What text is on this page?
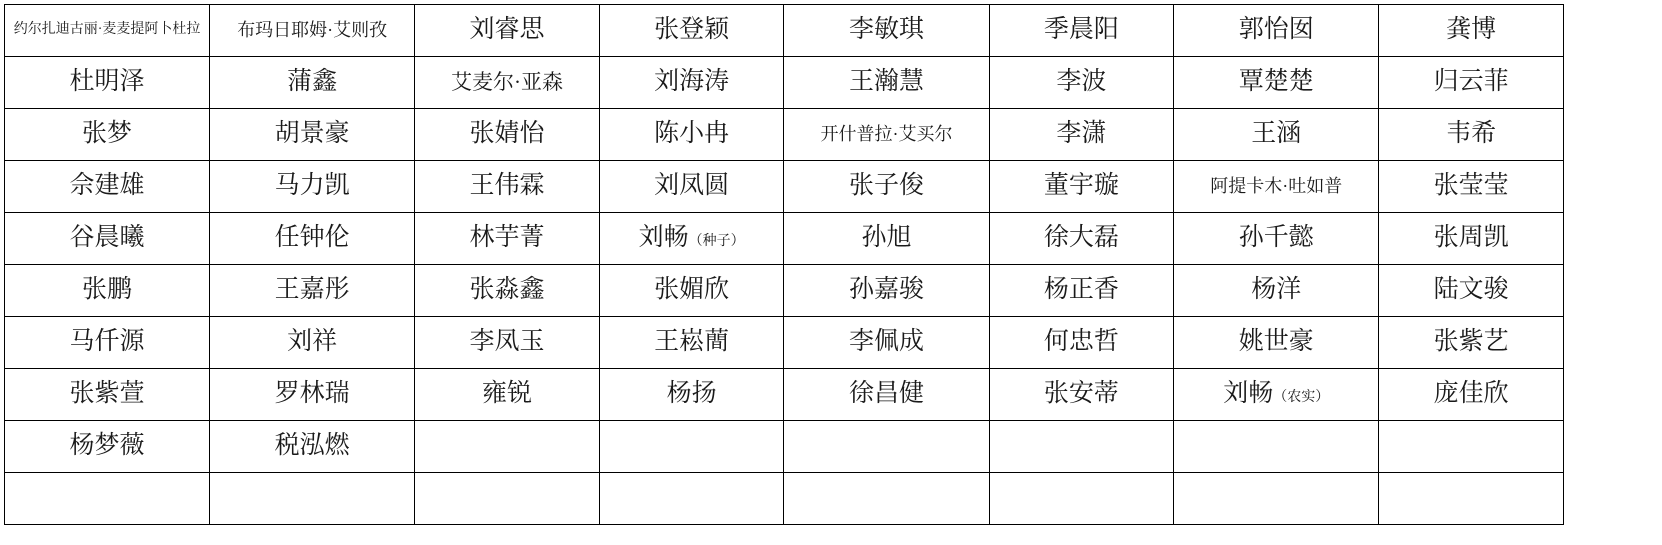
约尔扎迪古丽·麦麦提阿卜杜拉	布玛日耶姆·艾则孜	刘睿思	张登颖	李敏琪	季晨阳	郭怡囡	龚博
杜明泽	蒲鑫	艾麦尔·亚森	刘海涛	王瀚慧	李波	覃楚楚	归云菲
张梦	胡景豪	张婧怡	陈小冉	开什普拉·艾买尔	李潇	王涵	韦希
佘建雄	马力凯	王伟霖	刘凤圆	张子俊	董宇璇	阿提卡木·吐如普	张莹莹
谷晨曦	任钟伦	林芋菁	刘畅（种子）	孙旭	徐大磊	孙千懿	张周凯
张鹏	王嘉彤	张淼鑫	张媚欣	孙嘉骏	杨正香	杨洋	陆文骏
马仟源	刘祥	李凤玉	王崧蕳	李佩成	何忠哲	姚世豪	张紫艺
张紫萱	罗林瑞	雍锐	杨扬	徐昌健	张安蒂	刘畅（农实）	庞佳欣
杨梦薇	税泓燃						
